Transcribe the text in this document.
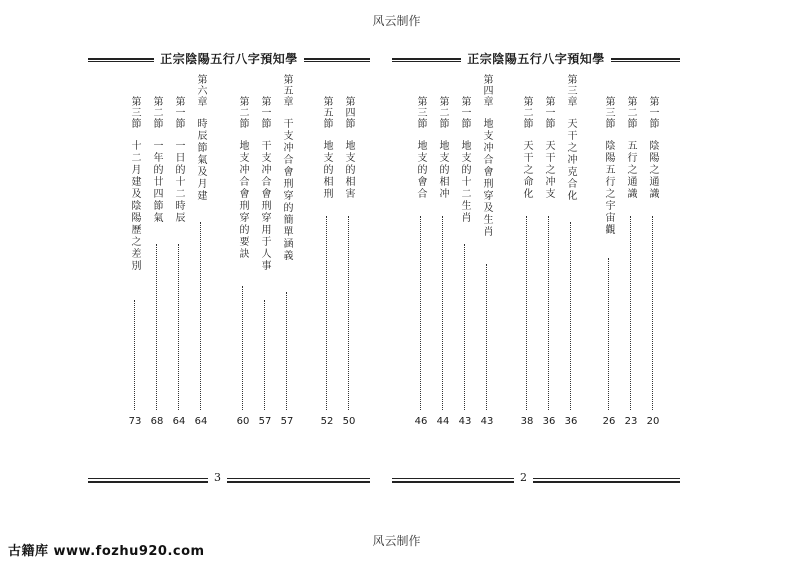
风云制作
正宗陰陽五行八字預知學
第三節
十二月建及陰陽歷之差別
73
第二節
一年的廿四節氣
68
第一節
一日的十二時辰
64
第六章
時辰節氣及月建
64
第二節
地支冲合會刑穿的要訣
60
第一節
干支冲合會刑穿用于人事
57
第五章
干支冲合會刑穿的簡單涵義
57
第五節
地支的相刑
52
第四節
地支的相害
50
3
正宗陰陽五行八字預知學
第三節
地支的會合
46
第二節
地支的相冲
44
第一節
地支的十二生肖
43
第四章
地支冲合會刑穿及生肖
43
第二節
天干之命化
38
第一節
天干之冲支
36
第三章
天干之冲克合化
36
第三節
陰陽五行之宇宙觀
26
第二節
五行之通識
23
第一節
陰陽之通識
20
2
风云制作
古籍库 www.fozhu920.com
